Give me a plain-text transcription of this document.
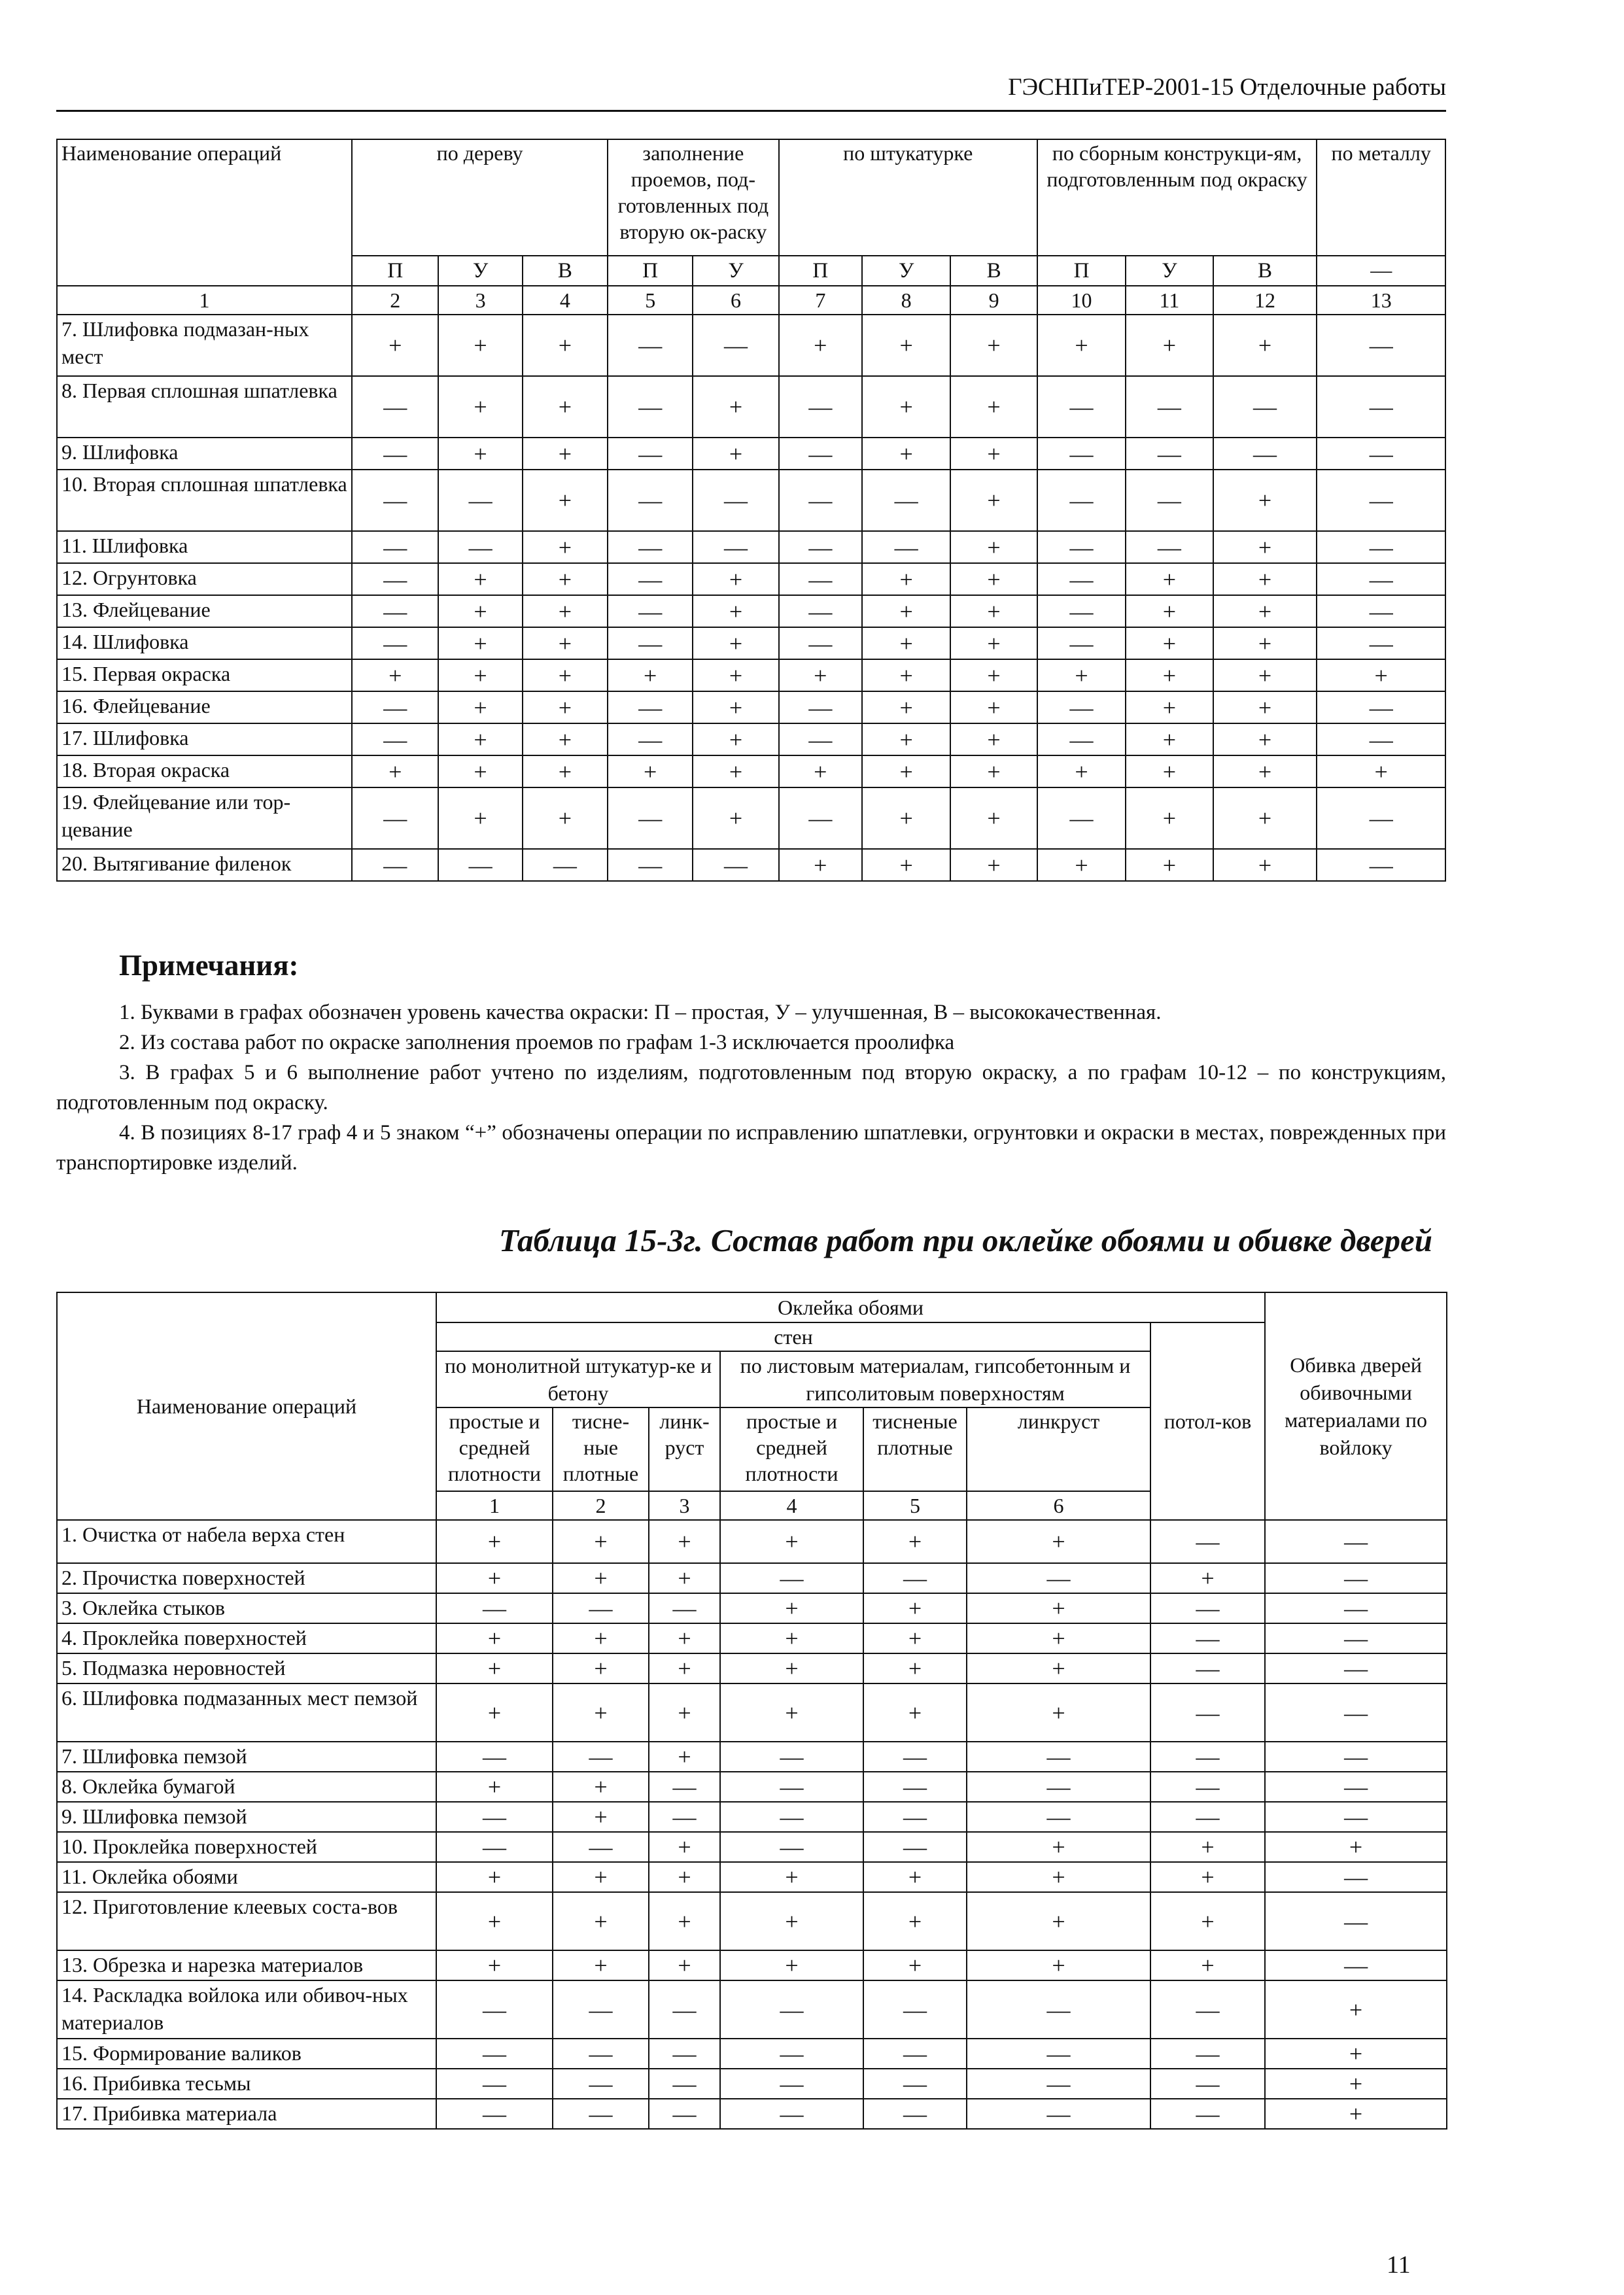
ГЭСНПиТЕР-2001-15 Отделочные работы
Наименование операций	по дереву			заполнение проемов, под-готовленных под вторую ок-раску		по штукатурке			по сборным конструкци-ям, подготовленным под окраску			по металлу
	П	У	В	П	У	П	У	В	П	У	В	—
1	2	3	4	5	6	7	8	9	10	11	12	13
7. Шлифовка подмазан-ных мест	+	+	+	—	—	+	+	+	+	+	+	—
8. Первая сплошная шпатлевка	—	+	+	—	+	—	+	+	—	—	—	—
9. Шлифовка	—	+	+	—	+	—	+	+	—	—	—	—
10. Вторая сплошная шпатлевка	—	—	+	—	—	—	—	+	—	—	+	—
11. Шлифовка	—	—	+	—	—	—	—	+	—	—	+	—
12. Огрунтовка	—	+	+	—	+	—	+	+	—	+	+	—
13. Флейцевание	—	+	+	—	+	—	+	+	—	+	+	—
14. Шлифовка	—	+	+	—	+	—	+	+	—	+	+	—
15. Первая окраска	+	+	+	+	+	+	+	+	+	+	+	+
16. Флейцевание	—	+	+	—	+	—	+	+	—	+	+	—
17. Шлифовка	—	+	+	—	+	—	+	+	—	+	+	—
18. Вторая окраска	+	+	+	+	+	+	+	+	+	+	+	+
19. Флейцевание или тор-цевание	—	+	+	—	+	—	+	+	—	+	+	—
20. Вытягивание филенок	—	—	—	—	—	+	+	+	+	+	+	—
Примечания:

1. Буквами в графах обозначен уровень качества окраски: П – простая, У – улучшенная, В – высококачественная.

2. Из состава работ по окраске заполнения проемов по графам 1-3 исключается проолифка

3. В графах 5 и 6 выполнение работ учтено по изделиям, подготовленным под вторую окраску, а по графам 10-12 – по конструкциям, подготовленным под окраску.

4. В позициях 8-17 граф 4 и 5 знаком “+” обозначены операции по исправлению шпатлевки, огрунтовки и окраски в местах, поврежденных при транспортировке изделий.

Таблица 15-3г. Состав работ при оклейке обоями и обивке дверей
Наименование операций	Оклейка обоями							Обивка дверей обивочными материалами по войлоку	
	стен						потол-ков		
	по монолитной штукатур-ке и бетону			по листовым материалам, гипсобетонным и гипсолитовым поверхностям					
	простые и средней плотности	тисне-ные плотные	линк-руст	простые и средней плотности	тисненые плотные	линкруст			
	1	2	3	4	5	6			
1. Очистка от набела верха стен	+	+	+	+	+	+	—	—	
2. Прочистка поверхностей	+	+	+	—	—	—	+	—	
3. Оклейка стыков	—	—	—	+	+	+	—	—	
4. Проклейка поверхностей	+	+	+	+	+	+	—	—	
5. Подмазка неровностей	+	+	+	+	+	+	—	—	
6. Шлифовка подмазанных мест пемзой	+	+	+	+	+	+	—	—	
7. Шлифовка пемзой	—	—	+	—	—	—	—	—	
8. Оклейка бумагой	+	+	—	—	—	—	—	—	
9. Шлифовка пемзой	—	+	—	—	—	—	—	—	
10. Проклейка поверхностей	—	—	+	—	—	+	+	+	
11. Оклейка обоями	+	+	+	+	+	+	+	—	
12. Приготовление клеевых соста-вов	+	+	+	+	+	+	+	—	
13. Обрезка и нарезка материалов	+	+	+	+	+	+	+	—	
14. Раскладка войлока или обивоч-ных материалов	—	—	—	—	—	—	—	+	
15. Формирование валиков	—	—	—	—	—	—	—	+	
16. Прибивка тесьмы	—	—	—	—	—	—	—	+	
17. Прибивка материала	—	—	—	—	—	—	—	+	
11
